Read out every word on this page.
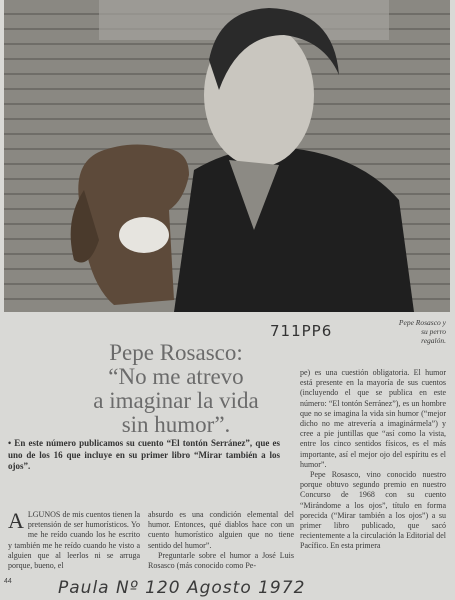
Pepe Rosasco y
su perro
regalón.
711PP6
Pepe Rosasco:
“No me atrevo
a imaginar la vida
sin humor”.
• En este número publicamos su cuento “El tontón Serránez”, que es uno de los 16 que incluye en su primer libro “Mirar también a los ojos”.

ALGUNOS de mis cuentos tienen la pretensión de ser humorísticos. Yo me he reído cuando los he escrito y también me he reído cuando he visto a alguien que al leerlos ni se arruga porque, bueno, el

absurdo es una condición elemental del humor. Entonces, qué diablos hace con un cuento humorístico alguien que no tiene sentido del humor”.

Preguntarle sobre el humor a José Luis Rosasco (más conocido como Pe-

pe) es una cuestión obligatoria. El humor está presente en la mayoría de sus cuentos (incluyendo el que se publica en este número: “El tontón Serránez”), es un hombre que no se imagina la vida sin humor (“mejor dicho no me atrevería a imaginármela”) y cree a pie juntillas que “así como la vista, entre los cinco sentidos físicos, es el más importante, así el mejor ojo del espíritu es el humor”.

Pepe Rosasco, vino conocido nuestro porque obtuvo segundo premio en nuestro Concurso de 1968 con su cuento “Mirándome a los ojos”, título en forma porecida (“Mirar también a los ojos”) a su primer libro publicado, que sacó recientemente a la circulación la Editorial del Pacífico. En esta primera

44	Paula Nº 120 Agosto 1972
